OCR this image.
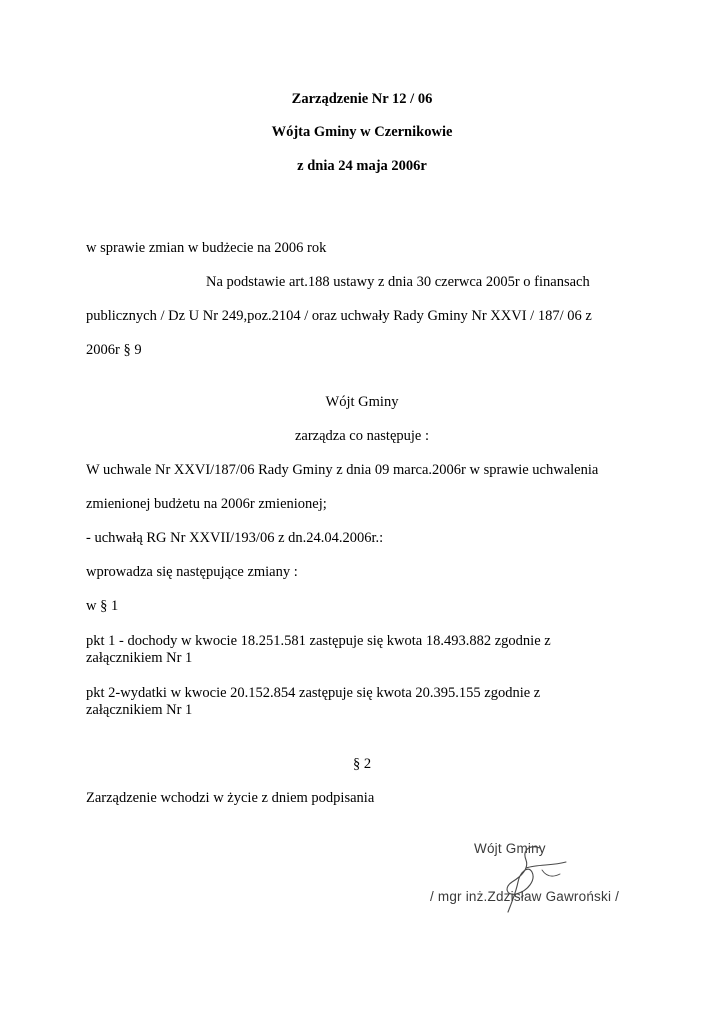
Zarządzenie Nr 12 / 06
Wójta Gminy w Czernikowie
z dnia 24 maja 2006r
w sprawie zmian w budżecie na 2006 rok
Na podstawie art.188 ustawy z dnia 30 czerwca 2005r o finansach
publicznych / Dz U Nr 249,poz.2104 / oraz uchwały Rady Gminy Nr XXVI / 187/ 06 z
2006r § 9
Wójt Gminy
zarządza co następuje :
W uchwale Nr XXVI/187/06 Rady Gminy z dnia 09 marca.2006r w sprawie uchwalenia
zmienionej budżetu na 2006r zmienionej;
- uchwałą RG Nr XXVII/193/06 z dn.24.04.2006r.:
wprowadza się następujące zmiany :
w § 1
pkt 1 - dochody w kwocie 18.251.581 zastępuje się kwota 18.493.882 zgodnie z
załącznikiem Nr 1
pkt 2-wydatki w kwocie 20.152.854 zastępuje się kwota 20.395.155 zgodnie z
załącznikiem Nr 1
§ 2
Zarządzenie wchodzi w życie z dniem podpisania
Wójt Gminy
/ mgr inż.Zdzisław Gawroński /
